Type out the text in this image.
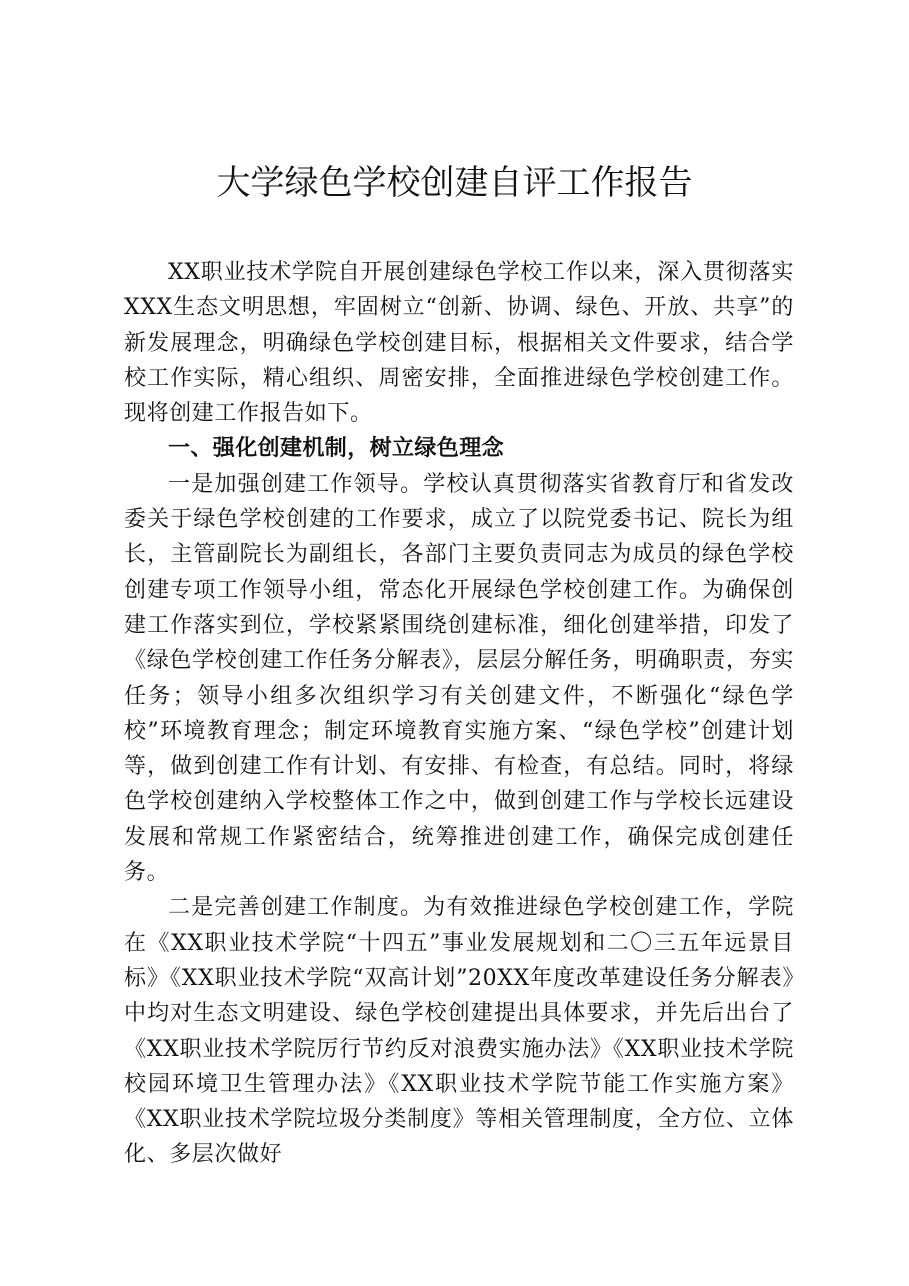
大学绿色学校创建自评工作报告

XX职业技术学院自开展创建绿色学校工作以来，深入贯彻落实XXX生态文明思想，牢固树立“创新、协调、绿色、开放、共享”的新发展理念，明确绿色学校创建目标，根据相关文件要求，结合学校工作实际，精心组织、周密安排，全面推进绿色学校创建工作。现将创建工作报告如下。

一、强化创建机制，树立绿色理念

一是加强创建工作领导。学校认真贯彻落实省教育厅和省发改委关于绿色学校创建的工作要求，成立了以院党委书记、院长为组长，主管副院长为副组长，各部门主要负责同志为成员的绿色学校创建专项工作领导小组，常态化开展绿色学校创建工作。为确保创建工作落实到位，学校紧紧围绕创建标准，细化创建举措，印发了《绿色学校创建工作任务分解表》，层层分解任务，明确职责，夯实任务；领导小组多次组织学习有关创建文件，不断强化“绿色学校”环境教育理念；制定环境教育实施方案、“绿色学校”创建计划等，做到创建工作有计划、有安排、有检查，有总结。同时，将绿色学校创建纳入学校整体工作之中，做到创建工作与学校长远建设发展和常规工作紧密结合，统筹推进创建工作，确保完成创建任务。

二是完善创建工作制度。为有效推进绿色学校创建工作，学院在《XX职业技术学院“十四五”事业发展规划和二〇三五年远景目标》《XX职业技术学院“双高计划”20XX年度改革建设任务分解表》中均对生态文明建设、绿色学校创建提出具体要求，并先后出台了《XX职业技术学院厉行节约反对浪费实施办法》《XX职业技术学院校园环境卫生管理办法》《XX职业技术学院节能工作实施方案》《XX职业技术学院垃圾分类制度》等相关管理制度，全方位、立体化、多层次做好
